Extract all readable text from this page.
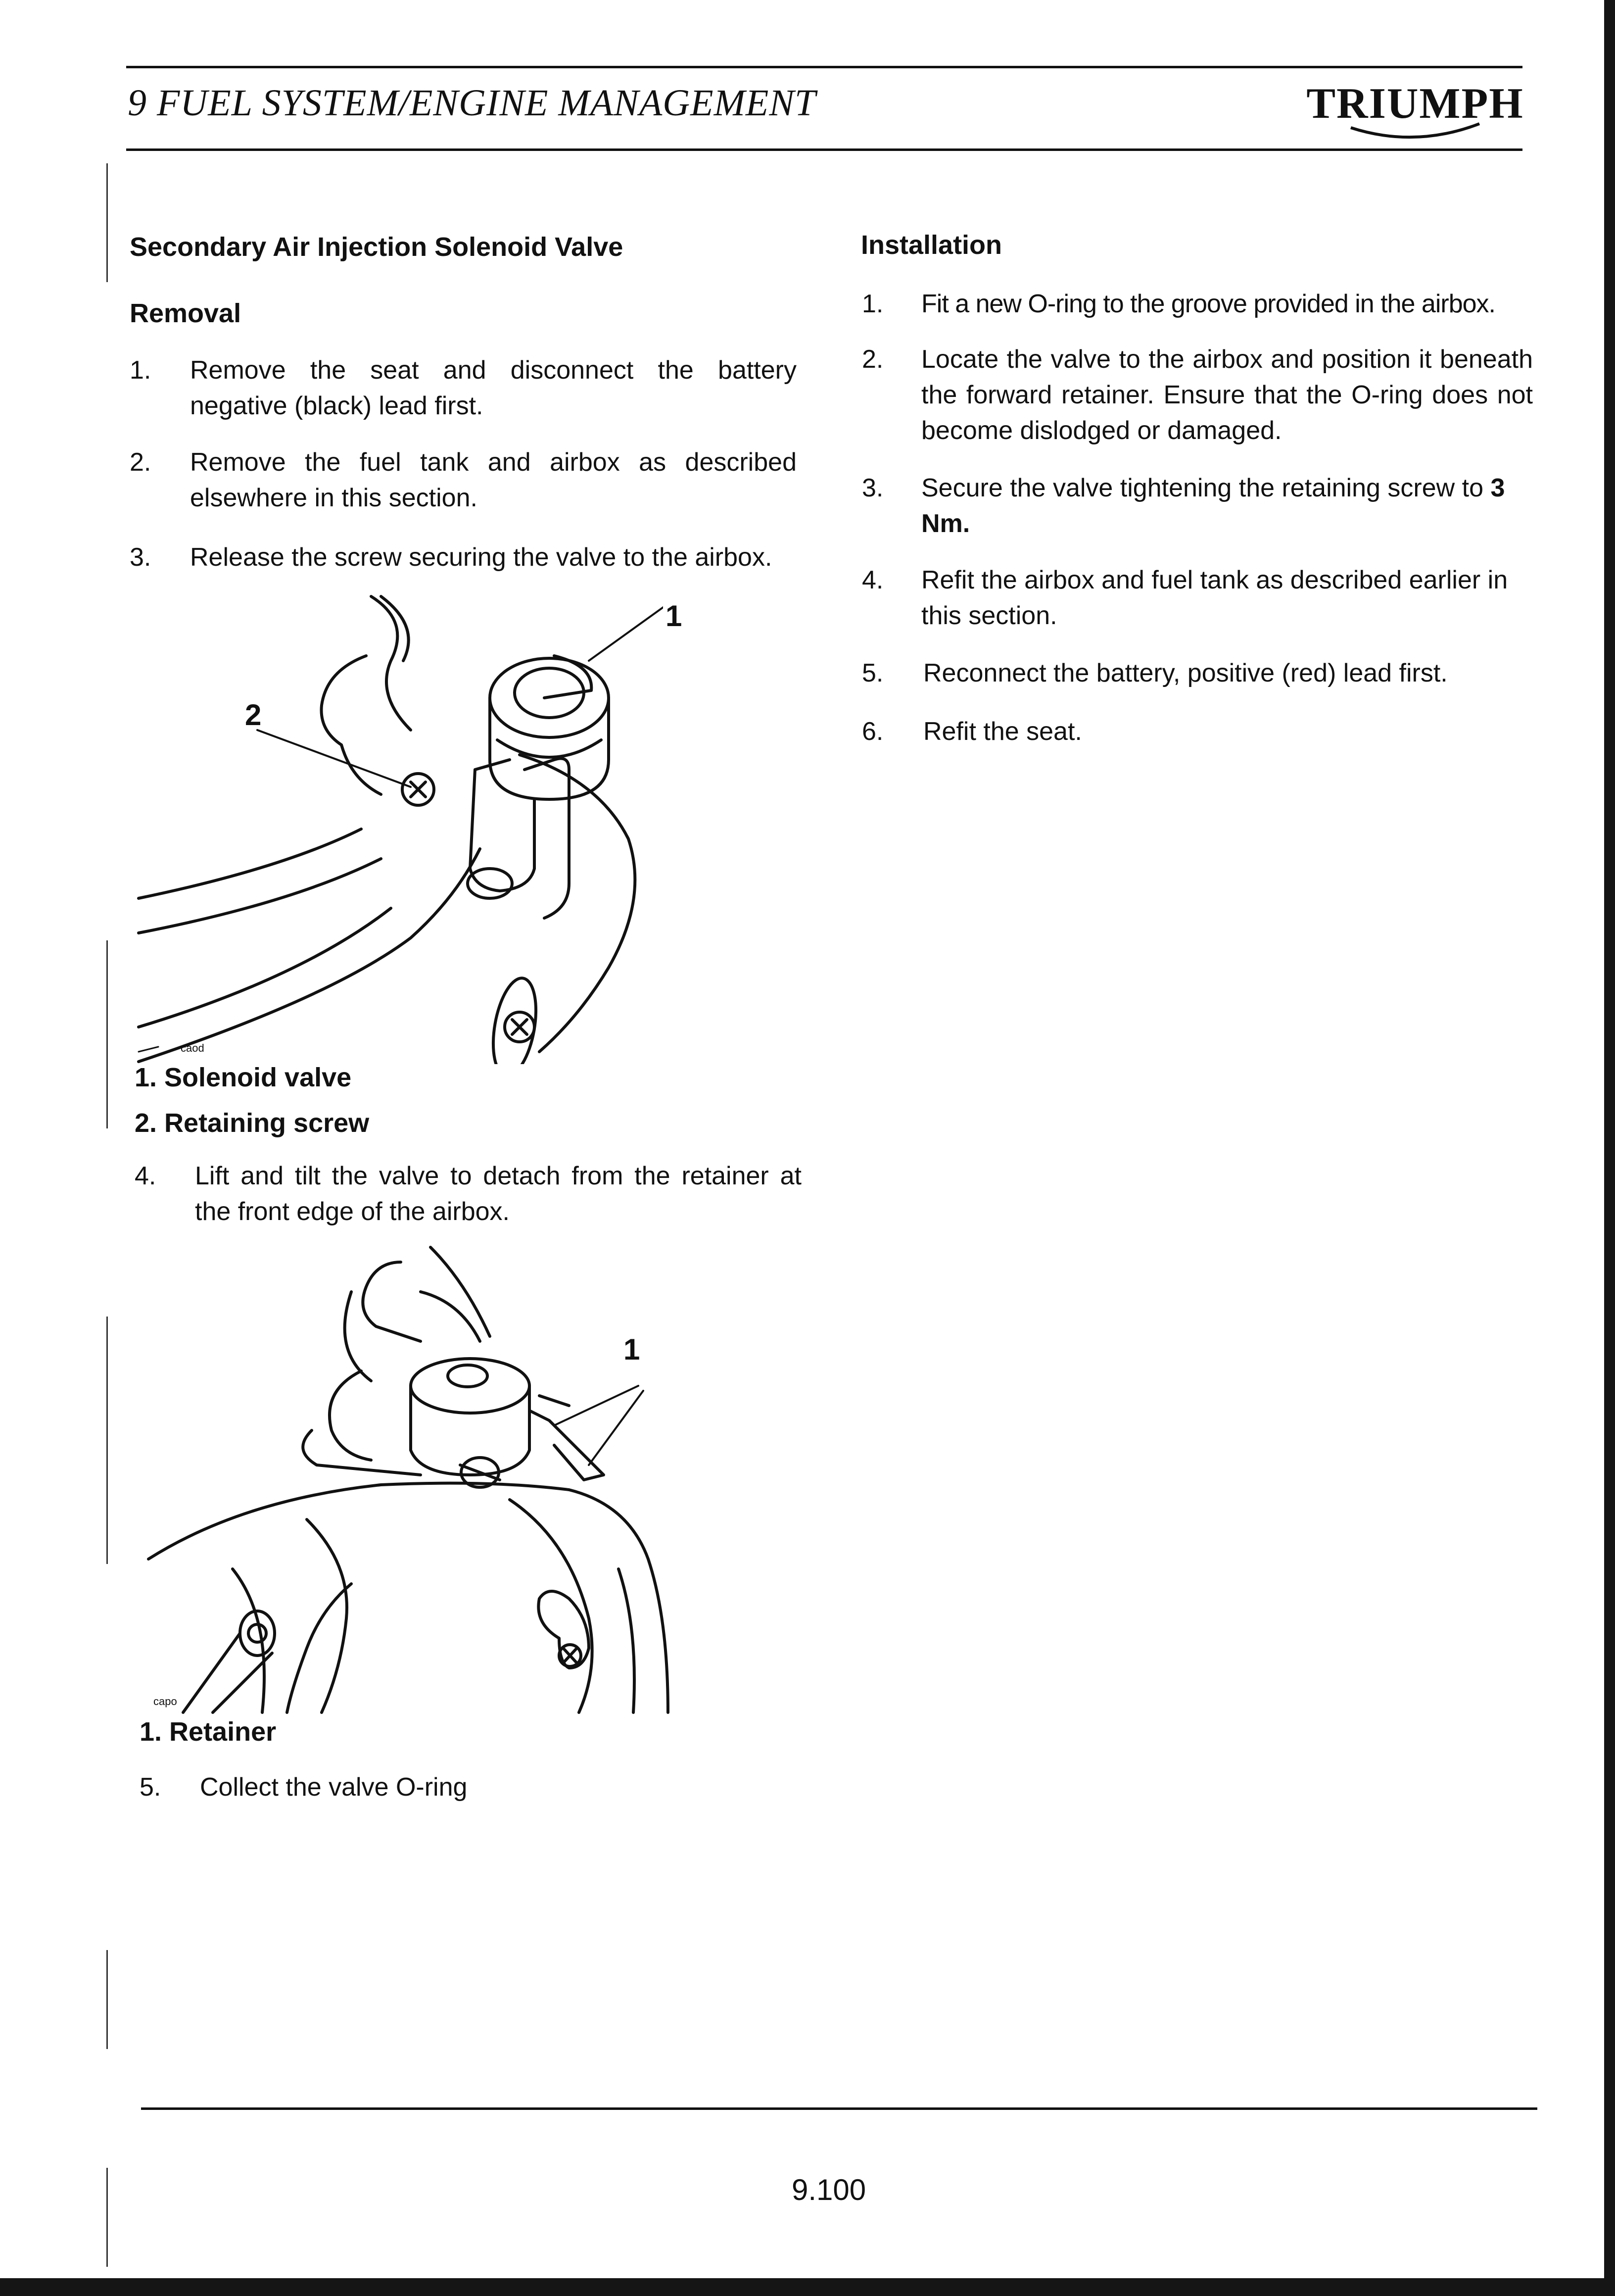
9 FUEL SYSTEM/ENGINE MANAGEMENT	TRIUMPH
Secondary Air Injection Solenoid Valve
Removal
1. Remove the seat and disconnect the battery negative (black) lead first.
2. Remove the fuel tank and airbox as described elsewhere in this section.
3. Release the screw securing the valve to the airbox.
1
2
caod
1. Solenoid valve
2. Retaining screw
4. Lift and tilt the valve to detach from the retainer at the front edge of the airbox.
1
capo
1. Retainer
5. Collect the valve O-ring
Installation
1. Fit a new O-ring to the groove provided in the airbox.
2. Locate the valve to the airbox and position it beneath the forward retainer. Ensure that the O-ring does not become dislodged or damaged.
3. Secure the valve tightening the retaining screw to 3 Nm.
4. Refit the airbox and fuel tank as described earlier in this section.
5. Reconnect the battery, positive (red) lead first.
6. Refit the seat.
9.100
